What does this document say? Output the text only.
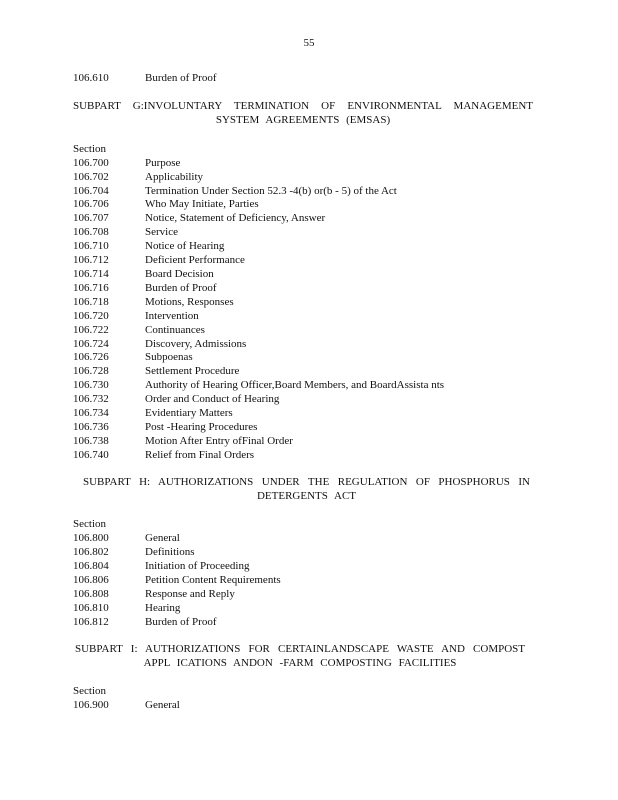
55
106.610	Burden of Proof
SUBPART G:INVOLUNTARY TERMINATION OF ENVIRONMENTAL MANAGEMENT
SYSTEM AGREEMENTS (EMSAS)
Section
106.700	Purpose
106.702	Applicability
106.704	Termination Under Section 52.3 -4(b) or(b - 5) of the Act
106.706	Who May Initiate, Parties
106.707	Notice, Statement of Deficiency, Answer
106.708	Service
106.710	Notice of Hearing
106.712	Deficient Performance
106.714	Board Decision
106.716	Burden of Proof
106.718	Motions, Responses
106.720	Intervention
106.722	Continuances
106.724	Discovery, Admissions
106.726	Subpoenas
106.728	Settlement Procedure
106.730	Authority of Hearing Officer,Board Members, and BoardAssista nts
106.732	Order and Conduct of Hearing
106.734	Evidentiary Matters
106.736	Post -Hearing Procedures
106.738	Motion After Entry ofFinal Order
106.740	Relief from Final Orders
SUBPART H: AUTHORIZATIONS UNDER THE REGULATION OF PHOSPHORUS IN
DETERGENTS ACT
Section
106.800	General
106.802	Definitions
106.804	Initiation of Proceeding
106.806	Petition Content Requirements
106.808	Response and Reply
106.810	Hearing
106.812	Burden of Proof
SUBPART I: AUTHORIZATIONS FOR CERTAINLANDSCAPE WASTE AND COMPOST
APPL ICATIONS ANDON -FARM COMPOSTING FACILITIES
Section
106.900	General
